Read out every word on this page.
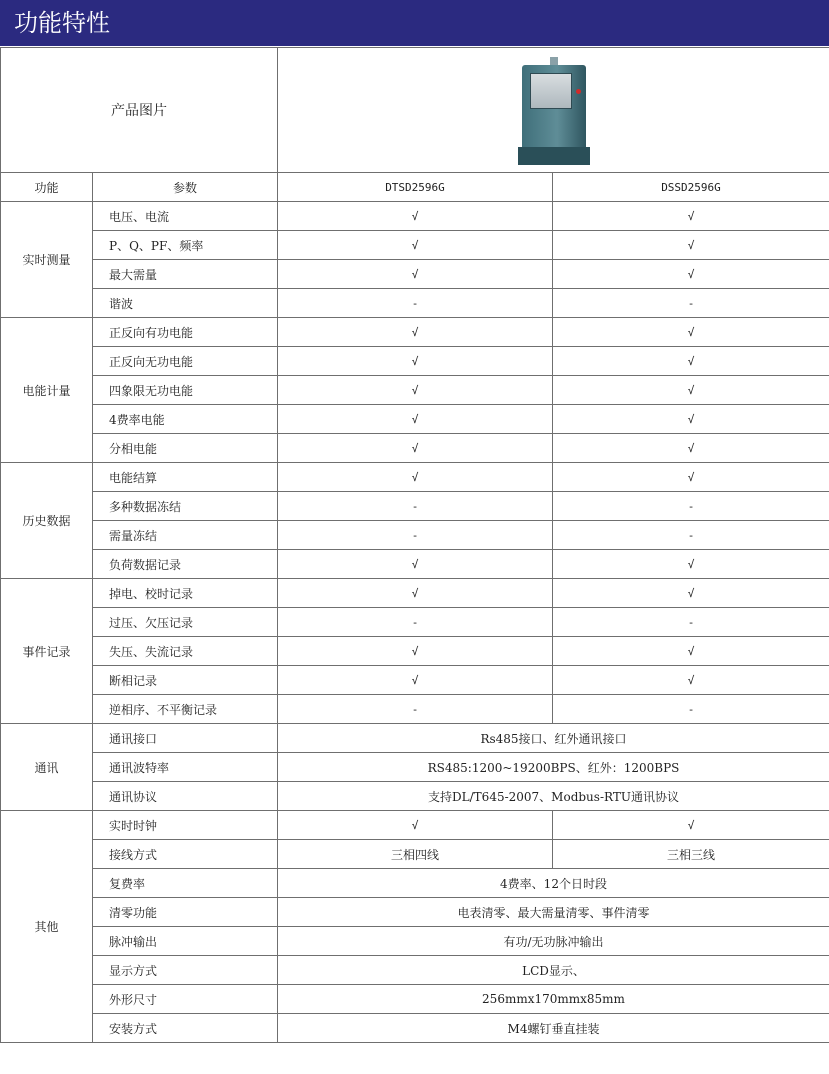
功能特性
产品图片			

功能	参数	DTSD2596G	DSSD2596G
实时测量	电压、电流	√	√
	P、Q、PF、频率	√	√
	最大需量	√	√
	谐波	-	-
电能计量	正反向有功电能	√	√
	正反向无功电能	√	√
	四象限无功电能	√	√
	4费率电能	√	√
	分相电能	√	√
历史数据	电能结算	√	√
	多种数据冻结	-	-
	需量冻结	-	-
	负荷数据记录	√	√
事件记录	掉电、校时记录	√	√
	过压、欠压记录	-	-
	失压、失流记录	√	√
	断相记录	√	√
	逆相序、不平衡记录	-	-
通讯	通讯接口	Rs485接口、红外通讯接口	
	通讯波特率	RS485:1200~19200BPS、红外：1200BPS	
	通讯协议	支持DL/T645-2007、Modbus-RTU通讯协议	
其他	实时时钟	√	√
	接线方式	三相四线	三相三线
	复费率	4费率、12个日时段	
	清零功能	电表清零、最大需量清零、事件清零	
	脉冲输出	有功/无功脉冲输出	
	显示方式	LCD显示、	
	外形尺寸	256mmx170mmx85mm	
	安装方式	M4螺钉垂直挂装	
